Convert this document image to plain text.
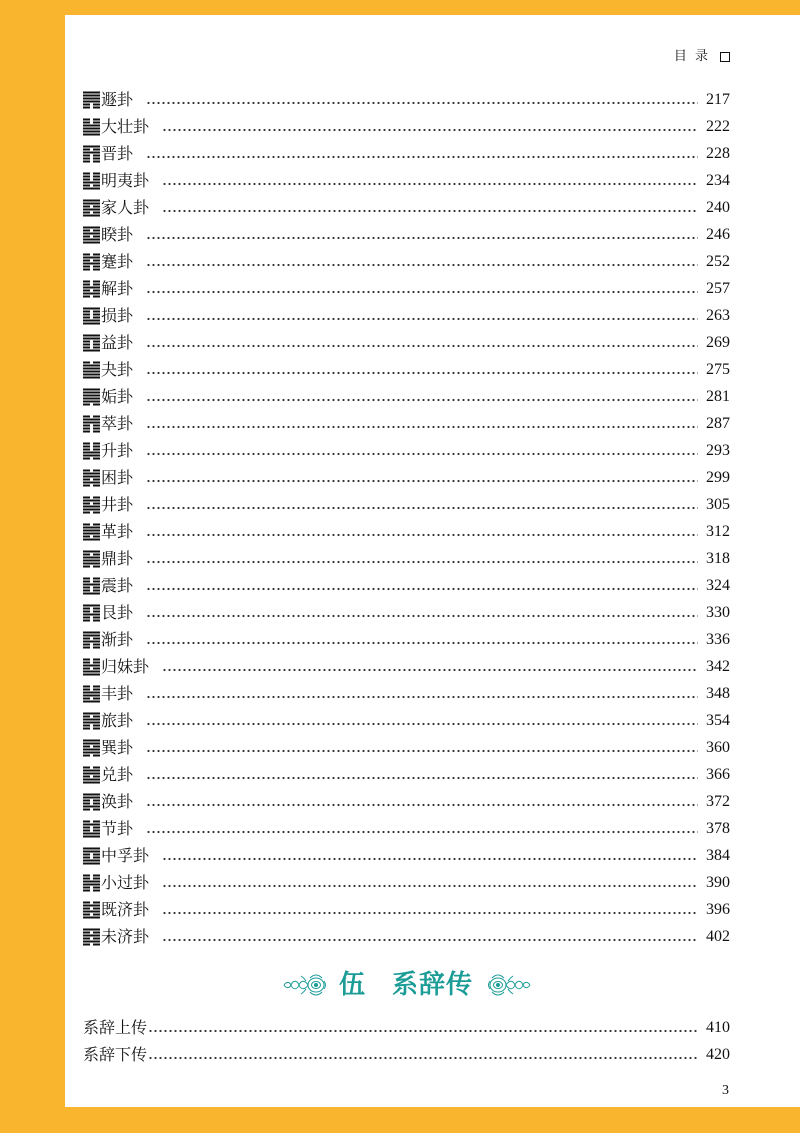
目 录
遯卦	217
大壮卦	222
晋卦	228
明夷卦	234
家人卦	240
睽卦	246
蹇卦	252
解卦	257
损卦	263
益卦	269
夬卦	275
姤卦	281
萃卦	287
升卦	293
困卦	299
井卦	305
革卦	312
鼎卦	318
震卦	324
艮卦	330
渐卦	336
归妹卦	342
丰卦	348
旅卦	354
巽卦	360
兑卦	366
涣卦	372
节卦	378
中孚卦	384
小过卦	390
既济卦	396
未济卦	402
伍 系辞传
系辞上传	410
系辞下传	420
3
